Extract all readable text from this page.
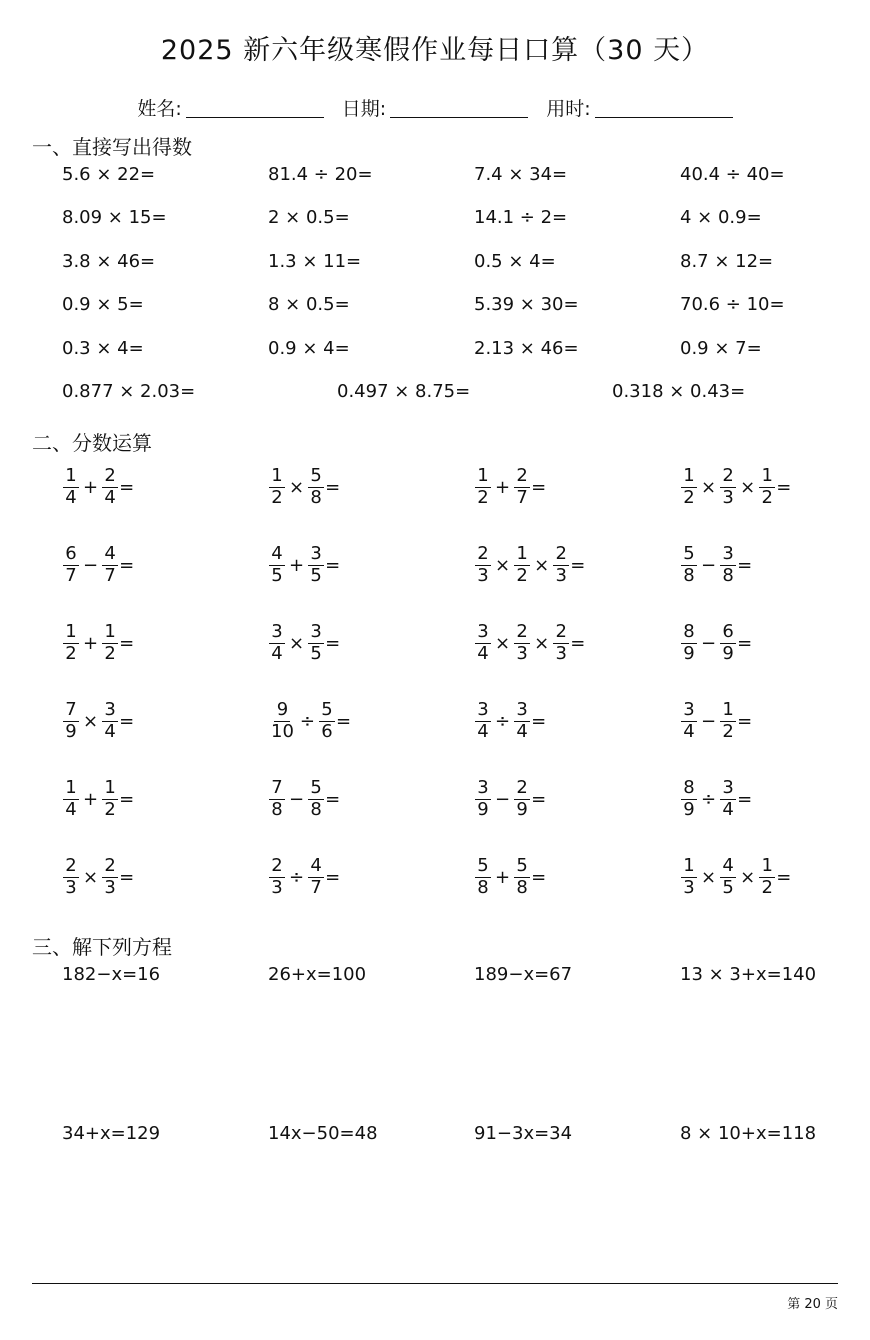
2025 新六年级寒假作业每日口算（30 天）
姓名:	日期:	用时:
一、直接写出得数
5.6 × 22=	81.4 ÷ 20=	7.4 × 34=	40.4 ÷ 40=
8.09 × 15=	2 × 0.5=	14.1 ÷ 2=	4 × 0.9=
3.8 × 46=	1.3 × 11=	0.5 × 4=	8.7 × 12=
0.9 × 5=	8 × 0.5=	5.39 × 30=	70.6 ÷ 10=
0.3 × 4=	0.9 × 4=	2.13 × 46=	0.9 × 7=
0.877 × 2.03=	0.497 × 8.75=	0.318 × 0.43=
二、分数运算
$\frac{1}{4} + \frac{2}{4}$ =	$\frac{1}{2} \times \frac{5}{8}$ =	$\frac{1}{2} + \frac{2}{7}$ =	$\frac{1}{2} \times \frac{2}{3} \times \frac{1}{2}$ =
$\frac{6}{7} - \frac{4}{7}$ =	$\frac{4}{5} + \frac{3}{5}$ =	$\frac{2}{3} \times \frac{1}{2} \times \frac{2}{3}$ =	$\frac{5}{8} - \frac{3}{8}$ =
$\frac{1}{2} + \frac{1}{2}$ =	$\frac{3}{4} \times \frac{3}{5}$ =	$\frac{3}{4} \times \frac{2}{3} \times \frac{2}{3}$ =	$\frac{8}{9} - \frac{6}{9}$ =
$\frac{7}{9} \times \frac{3}{4}$ =	$\frac{9}{10} \div \frac{5}{6}$ =	$\frac{3}{4} \div \frac{3}{4}$ =	$\frac{3}{4} - \frac{1}{2}$ =
$\frac{1}{4} + \frac{1}{2}$ =	$\frac{7}{8} - \frac{5}{8}$ =	$\frac{3}{9} - \frac{2}{9}$ =	$\frac{8}{9} \div \frac{3}{4}$ =
$\frac{2}{3} \times \frac{2}{3}$ =	$\frac{2}{3} \div \frac{4}{7}$ =	$\frac{5}{8} + \frac{5}{8}$ =	$\frac{1}{3} \times \frac{4}{5} \times \frac{1}{2}$ =
三、解下列方程
182−x=16	26+x=100	189−x=67	13 × 3+x=140
34+x=129	14x−50=48	91−3x=34	8 × 10+x=118
第 20 页
